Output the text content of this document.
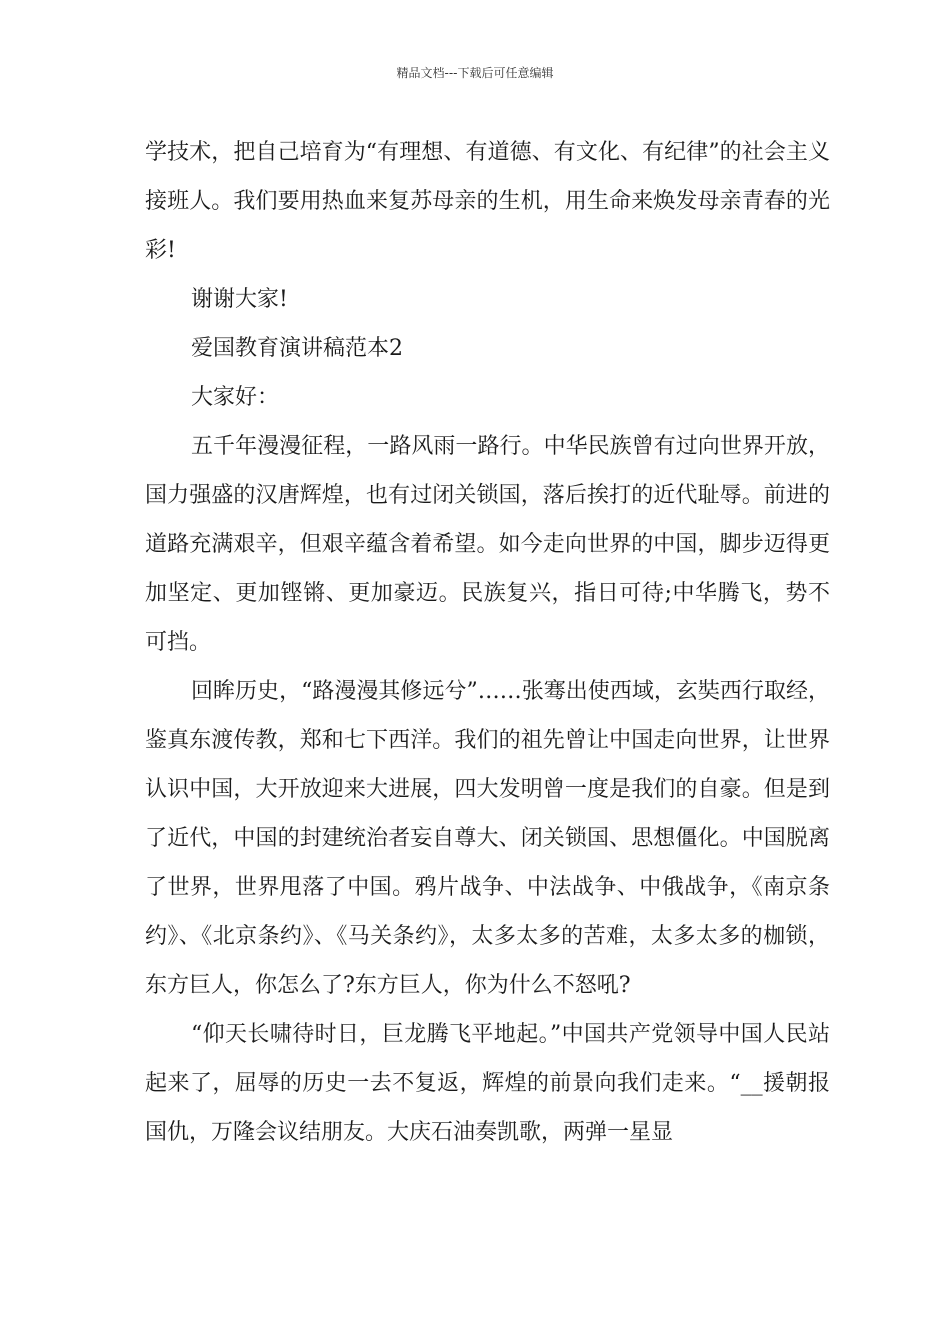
精品文档---下载后可任意编辑

学技术，把自己培育为“有理想、有道德、有文化、有纪律”的社会主义接班人。我们要用热血来复苏母亲的生机，用生命来焕发母亲青春的光彩!

谢谢大家!

爱国教育演讲稿范本2

大家好：

五千年漫漫征程，一路风雨一路行。中华民族曾有过向世界开放，国力强盛的汉唐辉煌，也有过闭关锁国，落后挨打的近代耻辱。前进的道路充满艰辛，但艰辛蕴含着希望。如今走向世界的中国，脚步迈得更加坚定、更加铿锵、更加豪迈。民族复兴，指日可待;中华腾飞，势不可挡。

回眸历史，“路漫漫其修远兮”……张骞出使西域，玄奘西行取经，鉴真东渡传教，郑和七下西洋。我们的祖先曾让中国走向世界，让世界认识中国，大开放迎来大进展，四大发明曾一度是我们的自豪。但是到了近代，中国的封建统治者妄自尊大、闭关锁国、思想僵化。中国脱离了世界，世界甩落了中国。鸦片战争、中法战争、中俄战争，《南京条约》、《北京条约》、《马关条约》，太多太多的苦难，太多太多的枷锁，东方巨人，你怎么了?东方巨人，你为什么不怒吼?

“仰天长啸待时日，巨龙腾飞平地起。”中国共产党领导中国人民站起来了，屈辱的历史一去不复返，辉煌的前景向我们走来。“__援朝报国仇，万隆会议结朋友。大庆石油奏凯歌，两弹一星显
